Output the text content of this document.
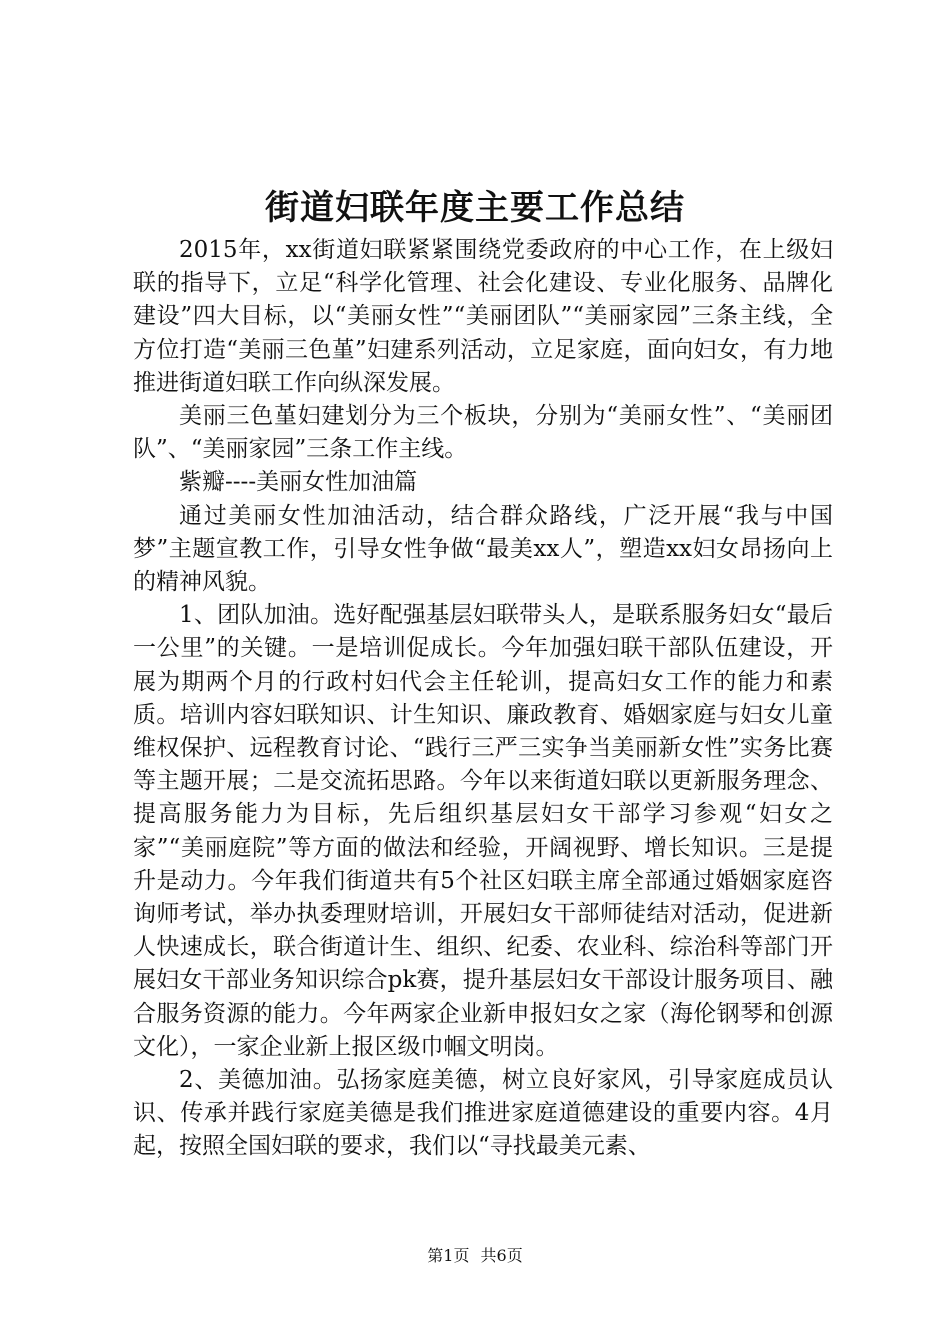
街道妇联年度主要工作总结

2015年，xx街道妇联紧紧围绕党委政府的中心工作，在上级妇联的指导下，立足“科学化管理、社会化建设、专业化服务、品牌化建设”四大目标，以“美丽女性”“美丽团队”“美丽家园”三条主线，全方位打造“美丽三色堇”妇建系列活动，立足家庭，面向妇女，有力地推进街道妇联工作向纵深发展。

美丽三色堇妇建划分为三个板块，分别为“美丽女性”、“美丽团队”、“美丽家园”三条工作主线。

紫瓣----美丽女性加油篇

通过美丽女性加油活动，结合群众路线，广泛开展“我与中国梦”主题宣教工作，引导女性争做“最美xx人”，塑造xx妇女昂扬向上的精神风貌。

1、团队加油。选好配强基层妇联带头人，是联系服务妇女“最后一公里”的关键。一是培训促成长。今年加强妇联干部队伍建设，开展为期两个月的行政村妇代会主任轮训，提高妇女工作的能力和素质。培训内容妇联知识、计生知识、廉政教育、婚姻家庭与妇女儿童维权保护、远程教育讨论、“践行三严三实争当美丽新女性”实务比赛等主题开展；二是交流拓思路。今年以来街道妇联以更新服务理念、提高服务能力为目标，先后组织基层妇女干部学习参观“妇女之家”“美丽庭院”等方面的做法和经验，开阔视野、增长知识。三是提升是动力。今年我们街道共有5个社区妇联主席全部通过婚姻家庭咨询师考试，举办执委理财培训，开展妇女干部师徒结对活动，促进新人快速成长，联合街道计生、组织、纪委、农业科、综治科等部门开展妇女干部业务知识综合pk赛，提升基层妇女干部设计服务项目、融合服务资源的能力。今年两家企业新申报妇女之家（海伦钢琴和创源文化），一家企业新上报区级巾帼文明岗。

2、美德加油。弘扬家庭美德，树立良好家风，引导家庭成员认识、传承并践行家庭美德是我们推进家庭道德建设的重要内容。4月起，按照全国妇联的要求，我们以“寻找最美元素、

第1页 共6页
